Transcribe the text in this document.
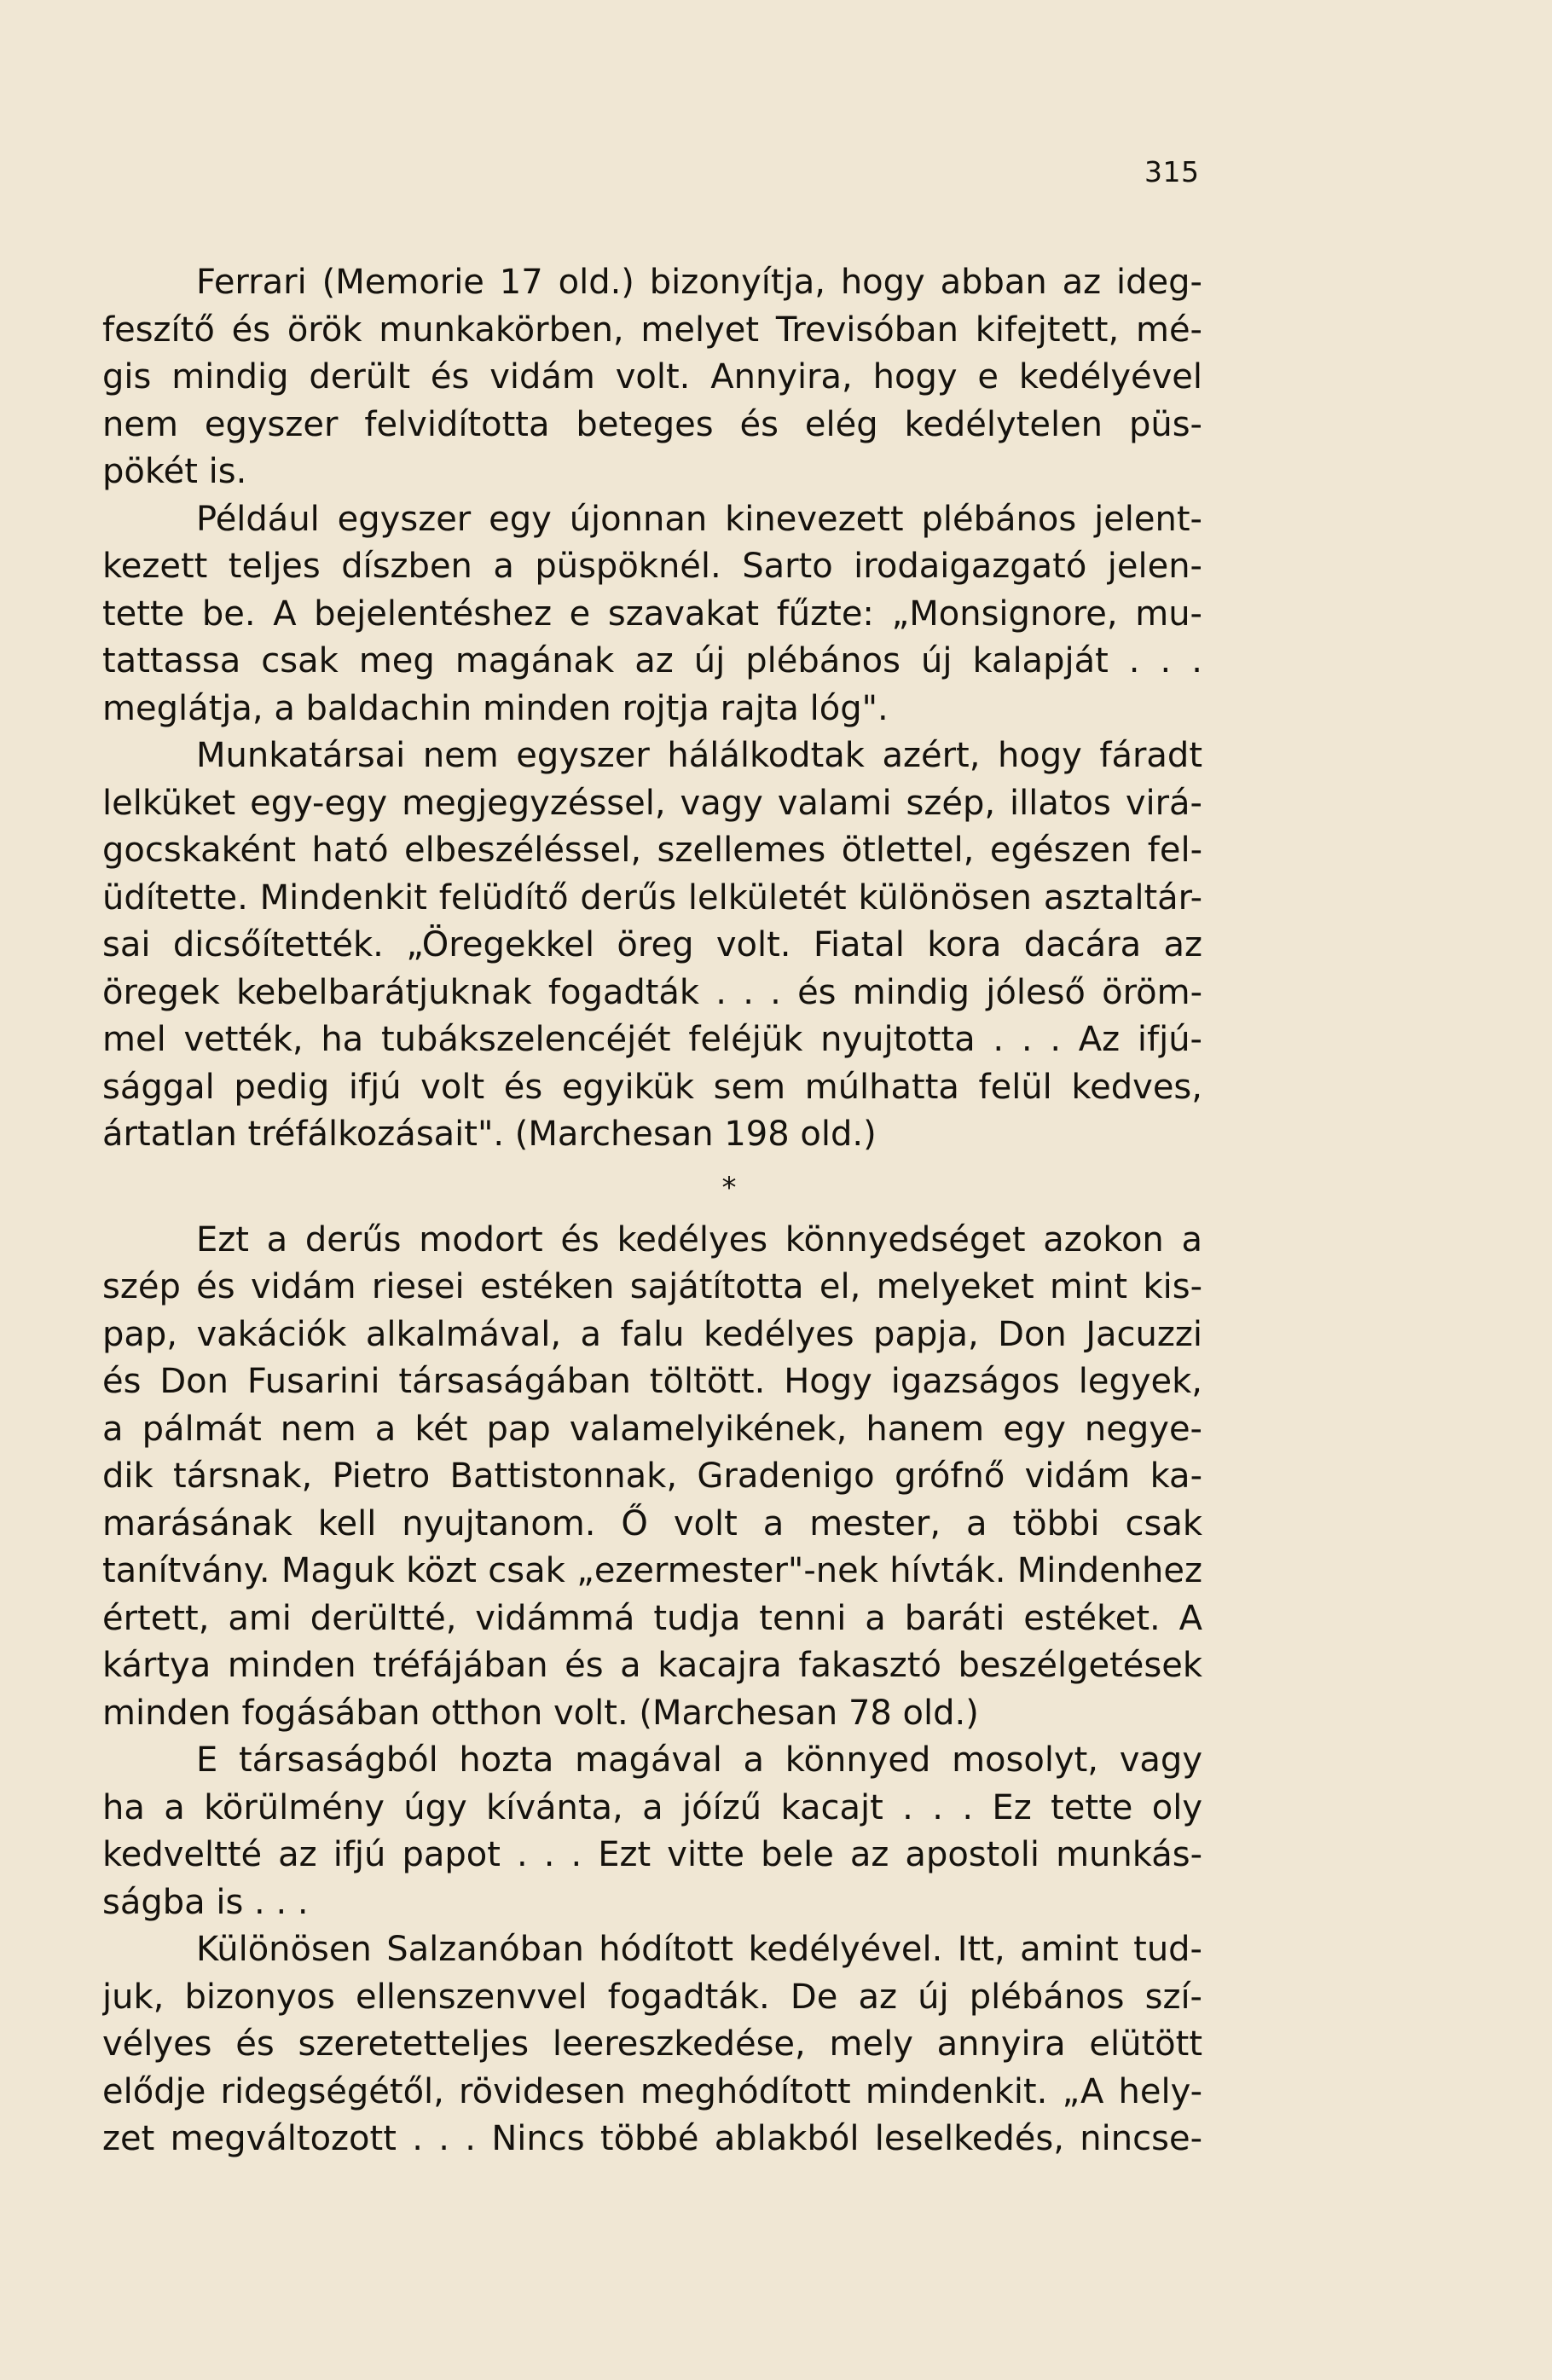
315
Ferrari (Memorie 17 old.) bizonyítja, hogy abban az ideg-
feszítő és örök munkakörben, melyet Trevisóban kifejtett, mé-
gis mindig derült és vidám volt. Annyira, hogy e kedélyével
nem egyszer felvidította beteges és elég kedélytelen püs-
pökét is.
Például egyszer egy újonnan kinevezett plébános jelent-
kezett teljes díszben a püspöknél. Sarto irodaigazgató jelen-
tette be. A bejelentéshez e szavakat fűzte: „Monsignore, mu-
tattassa csak meg magának az új plébános új kalapját . . .
meglátja, a baldachin minden rojtja rajta lóg".
Munkatársai nem egyszer hálálkodtak azért, hogy fáradt
lelküket egy-egy megjegyzéssel, vagy valami szép, illatos virá-
gocskaként ható elbeszéléssel, szellemes ötlettel, egészen fel-
üdítette. Mindenkit felüdítő derűs lelkületét különösen asztaltár-
sai dicsőítették. „Öregekkel öreg volt. Fiatal kora dacára az
öregek kebelbarátjuknak fogadták . . . és mindig jóleső öröm-
mel vették, ha tubákszelencéjét feléjük nyujtotta . . . Az ifjú-
sággal pedig ifjú volt és egyikük sem múlhatta felül kedves,
ártatlan tréfálkozásait". (Marchesan 198 old.)
*
Ezt a derűs modort és kedélyes könnyedséget azokon a
szép és vidám riesei estéken sajátította el, melyeket mint kis-
pap, vakációk alkalmával, a falu kedélyes papja, Don Jacuzzi
és Don Fusarini társaságában töltött. Hogy igazságos legyek,
a pálmát nem a két pap valamelyikének, hanem egy negye-
dik társnak, Pietro Battistonnak, Gradenigo grófnő vidám ka-
marásának kell nyujtanom. Ő volt a mester, a többi csak
tanítvány. Maguk közt csak „ezermester"-nek hívták. Mindenhez
értett, ami derültté, vidámmá tudja tenni a baráti estéket. A
kártya minden tréfájában és a kacajra fakasztó beszélgetések
minden fogásában otthon volt. (Marchesan 78 old.)
E társaságból hozta magával a könnyed mosolyt, vagy
ha a körülmény úgy kívánta, a jóízű kacajt . . . Ez tette oly
kedveltté az ifjú papot . . . Ezt vitte bele az apostoli munkás-
ságba is . . .
Különösen Salzanóban hódított kedélyével. Itt, amint tud-
juk, bizonyos ellenszenvvel fogadták. De az új plébános szí-
vélyes és szeretetteljes leereszkedése, mely annyira elütött
elődje ridegségétől, rövidesen meghódított mindenkit. „A hely-
zet megváltozott . . . Nincs többé ablakból leselkedés, nincse-
